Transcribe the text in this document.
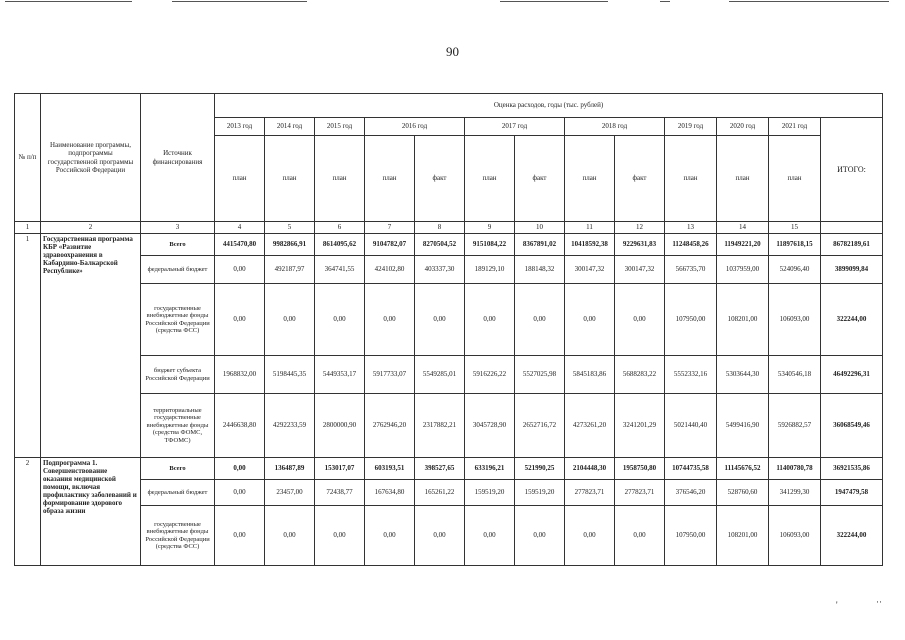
90
№ п/п	Наименование программы, подпрограммы государственной программы Российской Федерации	Источник финансирования	Оценка расходов, годы (тыс. рублей)												
			2013 год	2014 год	2015 год	2016 год		2017 год		2018 год		2019 год	2020 год	2021 год	ИТОГО:
			план	план	план	план	факт	план	факт	план	факт	план	план	план	
1	2	3	4	5	6	7	8	9	10	11	12	13	14	15	
1	Государственная программа КБР «Развитие здравоохранения в Кабардино-Балкарской Республике»	Всего	4415470,80	9982866,91	8614095,62	9104782,07	8270504,52	9151084,22	8367891,02	10418592,38	9229631,83	11248458,26	11949221,20	11897618,15	86782189,61
		федеральный бюджет	0,00	492187,97	364741,55	424102,80	403337,30	189129,10	188148,32	300147,32	300147,32	566735,70	1037959,00	524096,40	3899099,84
		государственные внебюджетные фонды Российской Федерации (средства ФСС)	0,00	0,00	0,00	0,00	0,00	0,00	0,00	0,00	0,00	107950,00	108201,00	106093,00	322244,00
		бюджет субъекта Российской Федерации	1968832,00	5198445,35	5449353,17	5917733,07	5549285,01	5916226,22	5527025,98	5845183,86	5688283,22	5552332,16	5303644,30	5340546,18	46492296,31
		территориальные государственные внебюджетные фонды (средства ФОМС, ТФОМС)	2446638,80	4292233,59	2800000,90	2762946,20	2317882,21	3045728,90	2652716,72	4273261,20	3241201,29	5021440,40	5499416,90	5926882,57	36068549,46
2	Подпрограмма 1. Совершенствование оказания медицинской помощи, включая профилактику заболеваний и формирование здорового образа жизни	Всего	0,00	136487,89	153017,07	603193,51	398527,65	633196,21	521990,25	2104448,30	1958750,80	10744735,58	11145676,52	11400780,78	36921535,86
		федеральный бюджет	0,00	23457,00	72438,77	167634,80	165261,22	159519,20	159519,20	277823,71	277823,71	376546,20	528760,60	341299,30	1947479,58
		государственные внебюджетные фонды Российской Федерации (средства ФСС)	0,00	0,00	0,00	0,00	0,00	0,00	0,00	0,00	0,00	107950,00	108201,00	106093,00	322244,00
'	··
